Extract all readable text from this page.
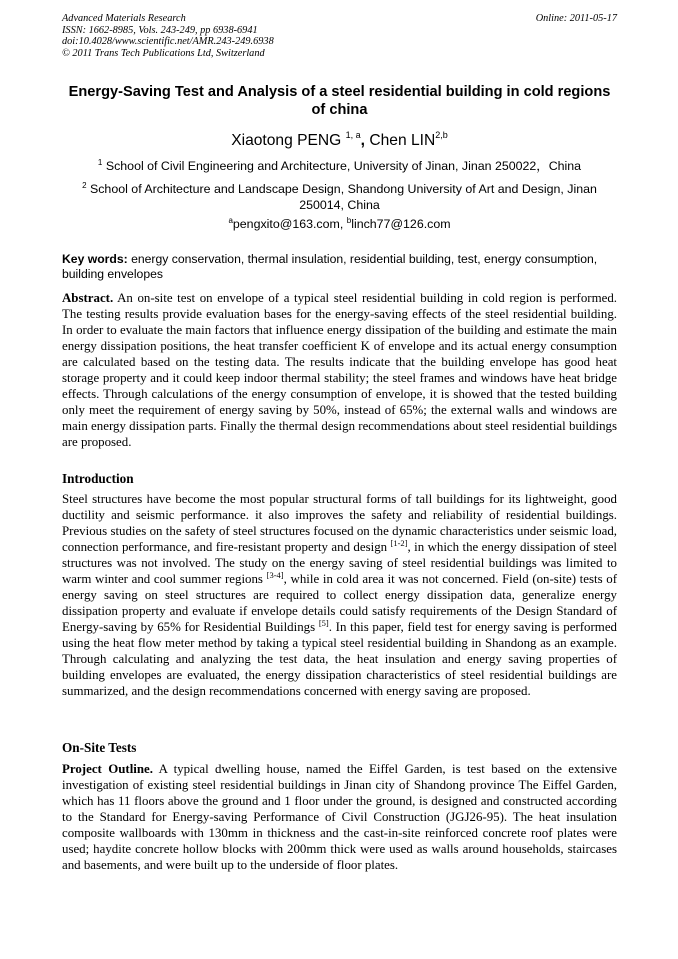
Advanced Materials Research
ISSN: 1662-8985, Vols. 243-249, pp 6938-6941
doi:10.4028/www.scientific.net/AMR.243-249.6938
© 2011 Trans Tech Publications Ltd, Switzerland
Online: 2011-05-17
Energy-Saving Test and Analysis of a steel residential building in cold regions of china
Xiaotong PENG $^{1, a}$, Chen LIN$^{2,b}$
$^1$ School of Civil Engineering and Architecture, University of Jinan, Jinan 250022，China
$^2$ School of Architecture and Landscape Design, Shandong University of Art and Design, Jinan 250014, China
$^a$pengxito@163.com, $^b$linch77@126.com
Key words: energy conservation, thermal insulation, residential building, test, energy consumption, building envelopes

Abstract. An on-site test on envelope of a typical steel residential building in cold region is performed. The testing results provide evaluation bases for the energy-saving effects of the steel residential building. In order to evaluate the main factors that influence energy dissipation of the building and estimate the main energy dissipation positions, the heat transfer coefficient K of envelope and its actual energy consumption are calculated based on the testing data. The results indicate that the building envelope has good heat storage property and it could keep indoor thermal stability; the steel frames and windows have heat bridge effects. Through calculations of the energy consumption of envelope, it is showed that the tested building only meet the requirement of energy saving by 50%, instead of 65%; the external walls and windows are main energy dissipation parts. Finally the thermal design recommendations about steel residential buildings are proposed.

Introduction

Steel structures have become the most popular structural forms of tall buildings for its lightweight, good ductility and seismic performance. it also improves the safety and reliability of residential buildings. Previous studies on the safety of steel structures focused on the dynamic characteristics under seismic load, connection performance, and fire-resistant property and design [1-2], in which the energy dissipation of steel structures was not involved. The study on the energy saving of steel residential buildings was limited to warm winter and cool summer regions [3-4], while in cold area it was not concerned. Field (on-site) tests of energy saving on steel structures are required to collect energy dissipation data, generalize energy dissipation property and evaluate if envelope details could satisfy requirements of the Design Standard of Energy-saving by 65% for Residential Buildings [5]. In this paper, field test for energy saving is performed using the heat flow meter method by taking a typical steel residential building in Shandong as an example. Through calculating and analyzing the test data, the heat insulation and energy saving properties of building envelopes are evaluated, the energy dissipation characteristics of steel residential buildings are summarized, and the design recommendations concerned with energy saving are proposed.

On-Site Tests

Project Outline. A typical dwelling house, named the Eiffel Garden, is test based on the extensive investigation of existing steel residential buildings in Jinan city of Shandong province The Eiffel Garden, which has 11 floors above the ground and 1 floor under the ground, is designed and constructed according to the Standard for Energy-saving Performance of Civil Construction (JGJ26-95). The heat insulation composite wallboards with 130mm in thickness and the cast-in-site reinforced concrete roof plates were used; haydite concrete hollow blocks with 200mm thick were used as walls around households, staircases and basements, and were built up to the underside of floor plates.
